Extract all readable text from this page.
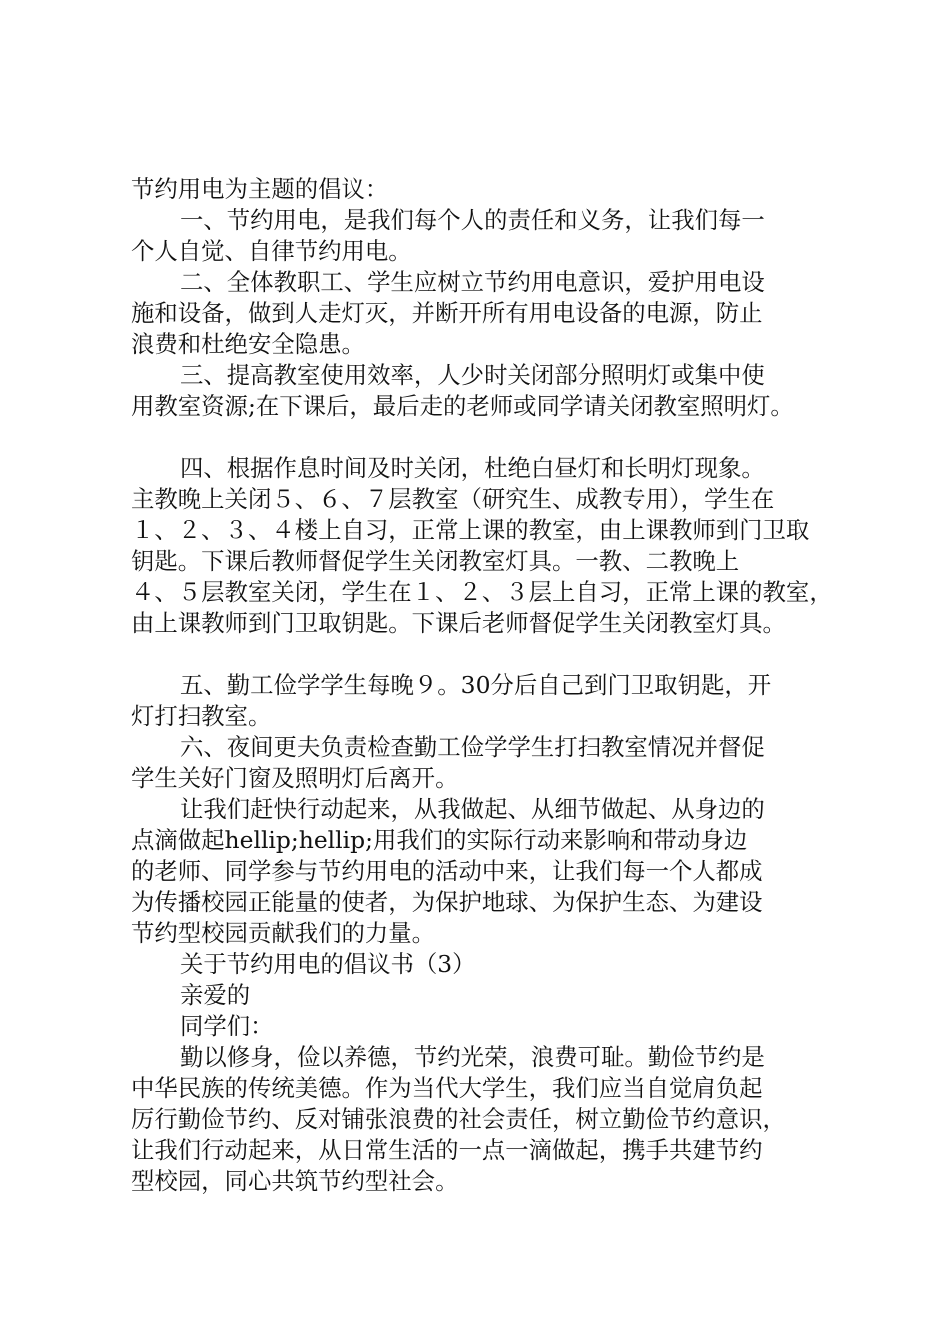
节约用电为主题的倡议：
一、节约用电，是我们每个人的责任和义务，让我们每一
个人自觉、自律节约用电。
二、全体教职工、学生应树立节约用电意识，爱护用电设
施和设备，做到人走灯灭，并断开所有用电设备的电源，防止
浪费和杜绝安全隐患。
三、提高教室使用效率，人少时关闭部分照明灯或集中使
用教室资源;在下课后，最后走的老师或同学请关闭教室照明灯。
四、根据作息时间及时关闭，杜绝白昼灯和长明灯现象。
主教晚上关闭５、６、７层教室（研究生、成教专用），学生在
１、２、３、４楼上自习，正常上课的教室，由上课教师到门卫取
钥匙。下课后教师督促学生关闭教室灯具。一教、二教晚上
４、５层教室关闭，学生在１、２、３层上自习，正常上课的教室，
由上课教师到门卫取钥匙。下课后老师督促学生关闭教室灯具。
五、勤工俭学学生每晚９。30分后自己到门卫取钥匙，开
灯打扫教室。
六、夜间更夫负责检查勤工俭学学生打扫教室情况并督促
学生关好门窗及照明灯后离开。
让我们赶快行动起来，从我做起、从细节做起、从身边的
点滴做起hellip;hellip;用我们的实际行动来影响和带动身边
的老师、同学参与节约用电的活动中来，让我们每一个人都成
为传播校园正能量的使者，为保护地球、为保护生态、为建设
节约型校园贡献我们的力量。
关于节约用电的倡议书（3）
亲爱的
同学们：
勤以修身，俭以养德，节约光荣，浪费可耻。勤俭节约是
中华民族的传统美德。作为当代大学生，我们应当自觉肩负起
厉行勤俭节约、反对铺张浪费的社会责任，树立勤俭节约意识，
让我们行动起来，从日常生活的一点一滴做起，携手共建节约
型校园，同心共筑节约型社会。
